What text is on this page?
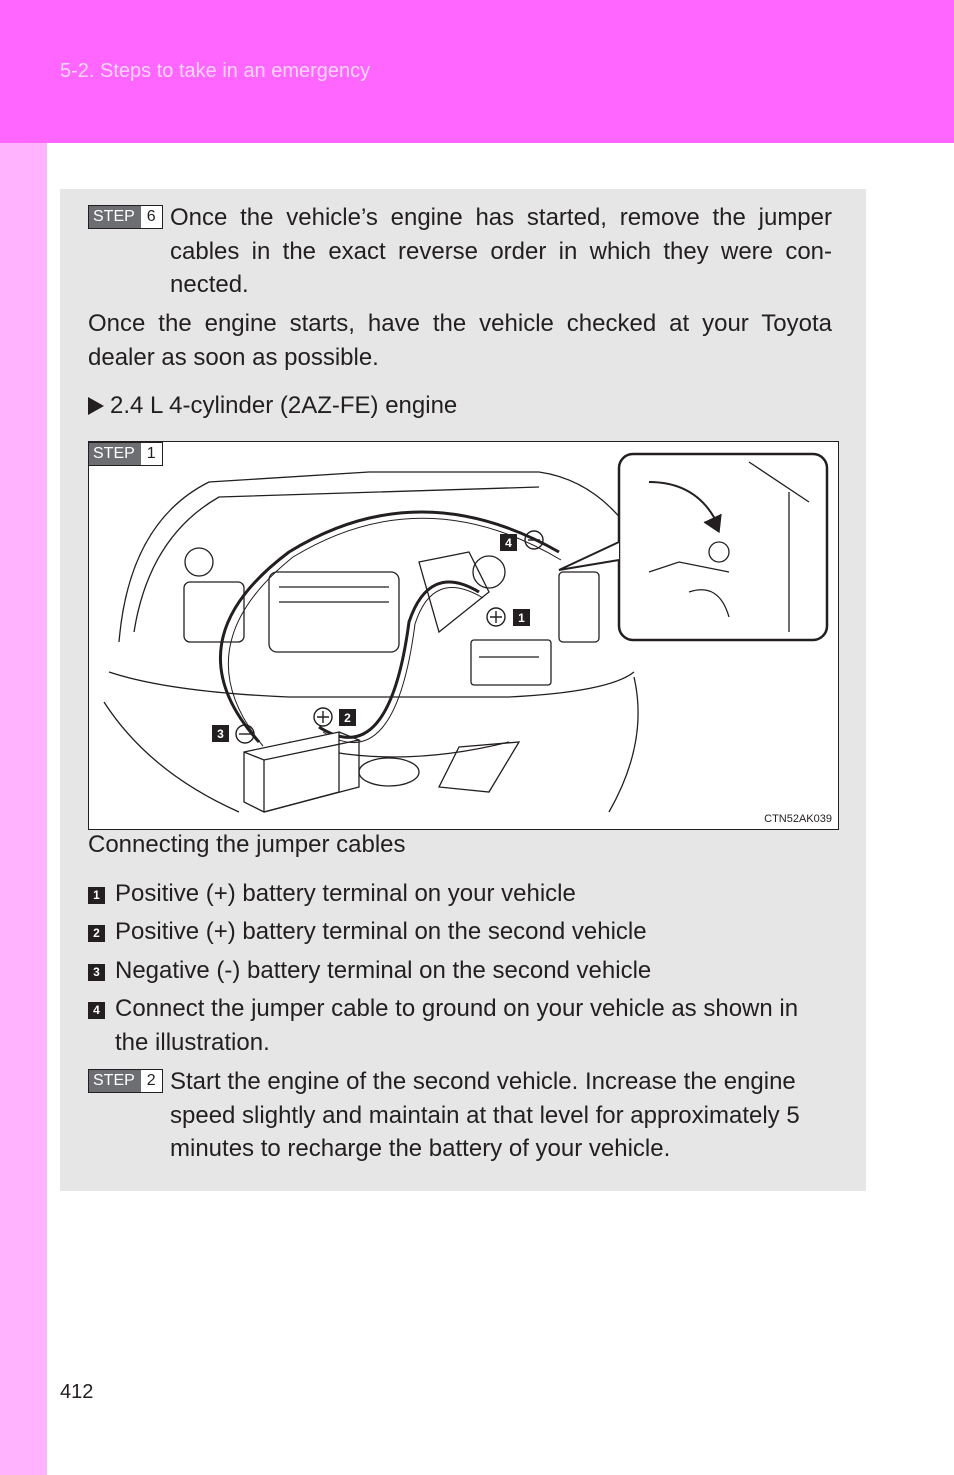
5-2. Steps to take in an emergency
STEP 6 Once the vehicle’s engine has started, remove the jumper cables in the exact reverse order in which they were con-nected.
Once the engine starts, have the vehicle checked at your Toyota dealer as soon as possible.
2.4 L 4-cylinder (2AZ-FE) engine
4
1
2
3
STEP 1
CTN52AK039
Connecting the jumper cables
1 Positive (+) battery terminal on your vehicle
2 Positive (+) battery terminal on the second vehicle
3 Negative (-) battery terminal on the second vehicle
4 Connect the jumper cable to ground on your vehicle as shown in the illustration.
STEP 2 Start the engine of the second vehicle. Increase the engine speed slightly and maintain at that level for approximately 5 minutes to recharge the battery of your vehicle.
412
